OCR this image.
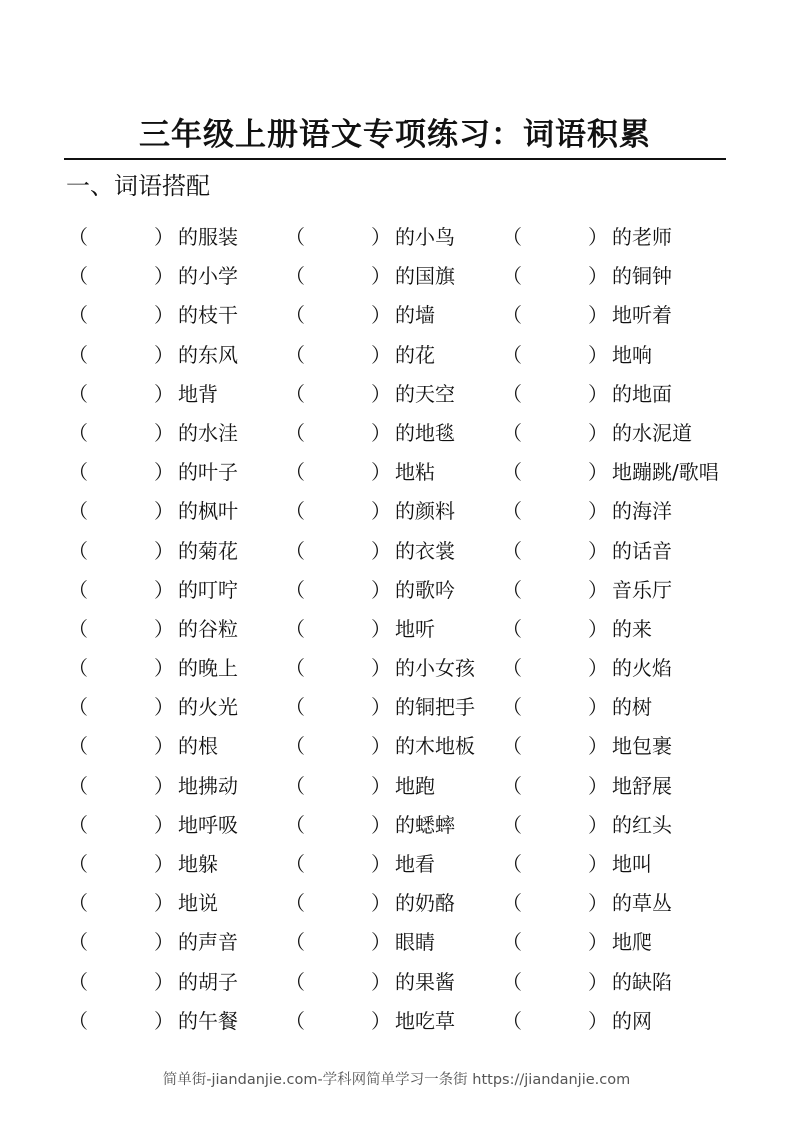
三年级上册语文专项练习：词语积累
一、词语搭配
（	） 的服装 （	） 的小鸟 （	） 的老师
（	） 的小学 （	） 的国旗 （	） 的铜钟
（	） 的枝干 （	） 的墙	（	） 地听着
（	） 的东风 （	） 的花	（	） 地响
（	） 地背	（	） 的天空 （	） 的地面
（	） 的水洼 （	） 的地毯 （	） 的水泥道
（	） 的叶子 （	） 地粘	（	） 地蹦跳/歌唱
（	） 的枫叶 （	） 的颜料 （	） 的海洋
（	） 的菊花 （	） 的衣裳 （	） 的话音
（	） 的叮咛 （	） 的歌吟 （	） 音乐厅
（	） 的谷粒 （	） 地听	（	） 的来
（	） 的晚上 （	） 的小女孩 （	） 的火焰
（	） 的火光 （	） 的铜把手 （	） 的树
（	） 的根	（	） 的木地板 （	） 地包裹
（	） 地拂动 （	） 地跑	（	） 地舒展
（	） 地呼吸 （	） 的蟋蟀 （	） 的红头
（	） 地躲	（	） 地看	（	） 地叫
（	） 地说	（	） 的奶酪 （	） 的草丛
（	） 的声音 （	） 眼睛	（	） 地爬
（	） 的胡子 （	） 的果酱 （	） 的缺陷
（	） 的午餐 （	） 地吃草 （	） 的网
简单街-jiandanjie.com-学科网简单学习一条街 https://jiandanjie.com
